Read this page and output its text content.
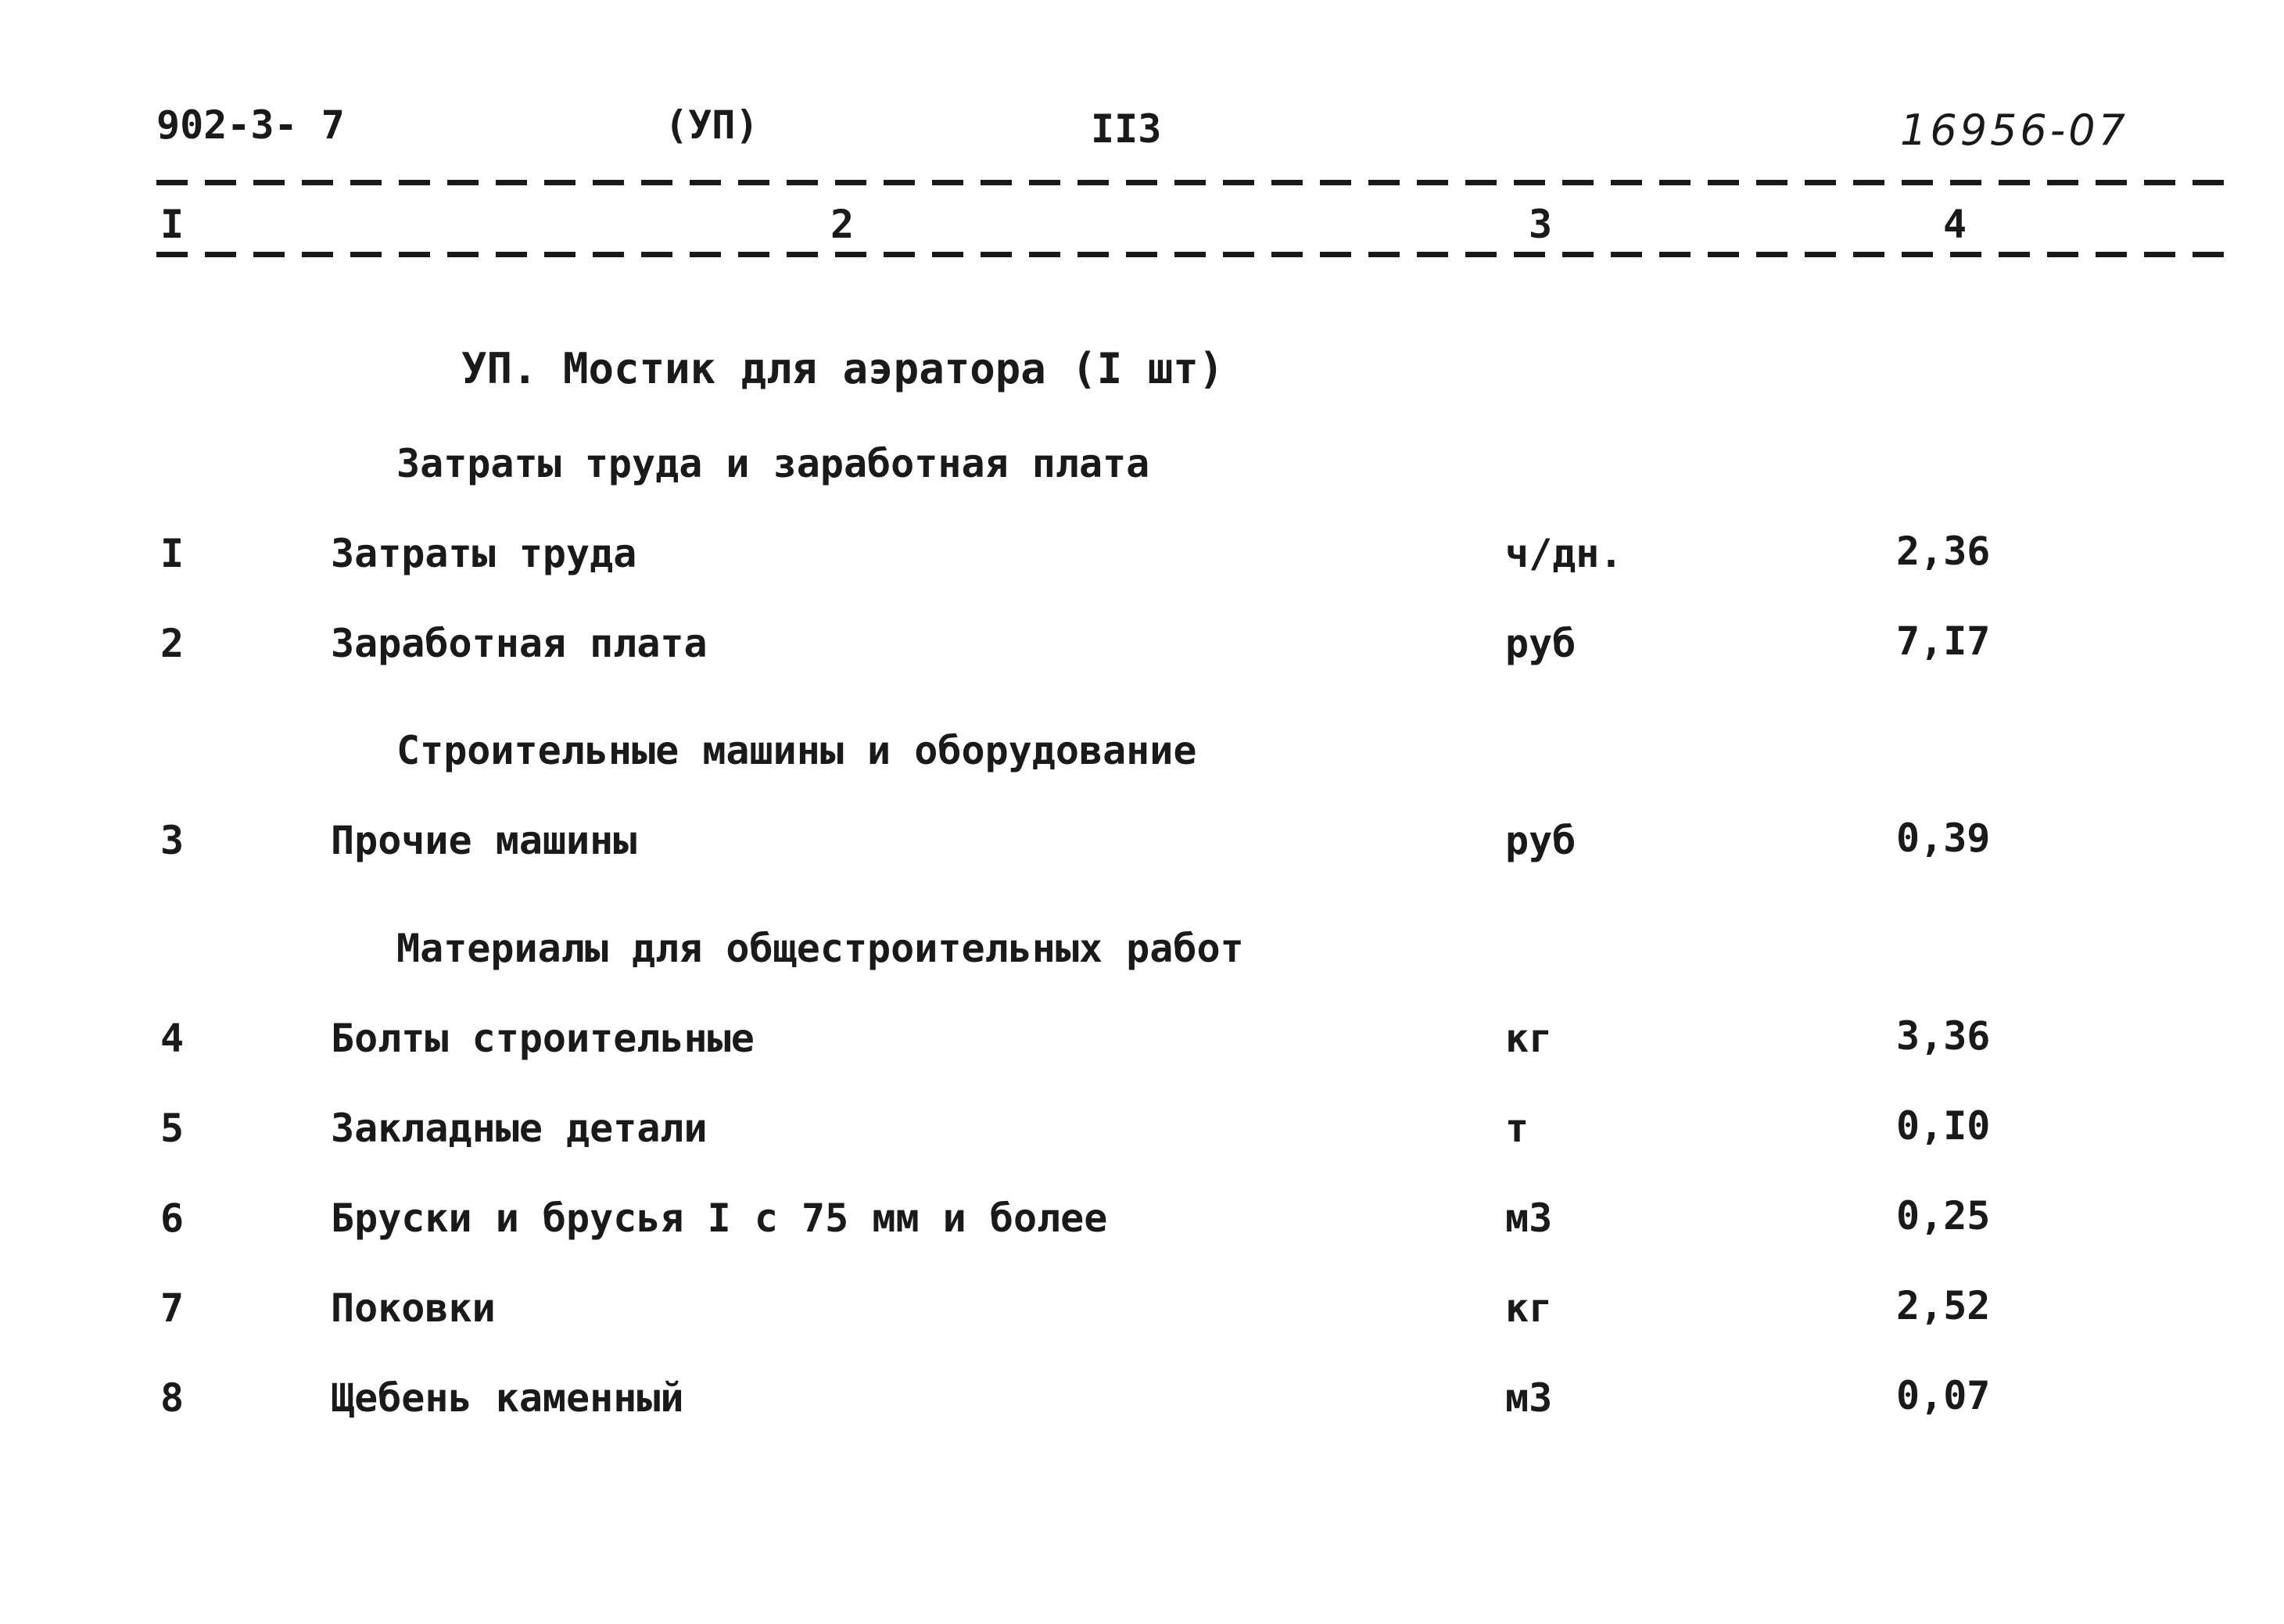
902-3- 7	(УП)	II3	16956-07
I	2	3	4
УП. Мостик для аэратора (I шт)
Затраты труда и заработная плата
I	Затраты труда	ч/дн.	2,36
2	Заработная плата	руб	7,I7
Строительные машины и оборудование
3	Прочие машины	руб	0,39
Материалы для общестроительных работ
4	Болты строительные	кг	3,36
5	Закладные детали	т	0,I0
6	Бруски и брусья I с 75 мм и более	м3	0,25
7	Поковки	кг	2,52
8	Щебень каменный	м3	0,07
